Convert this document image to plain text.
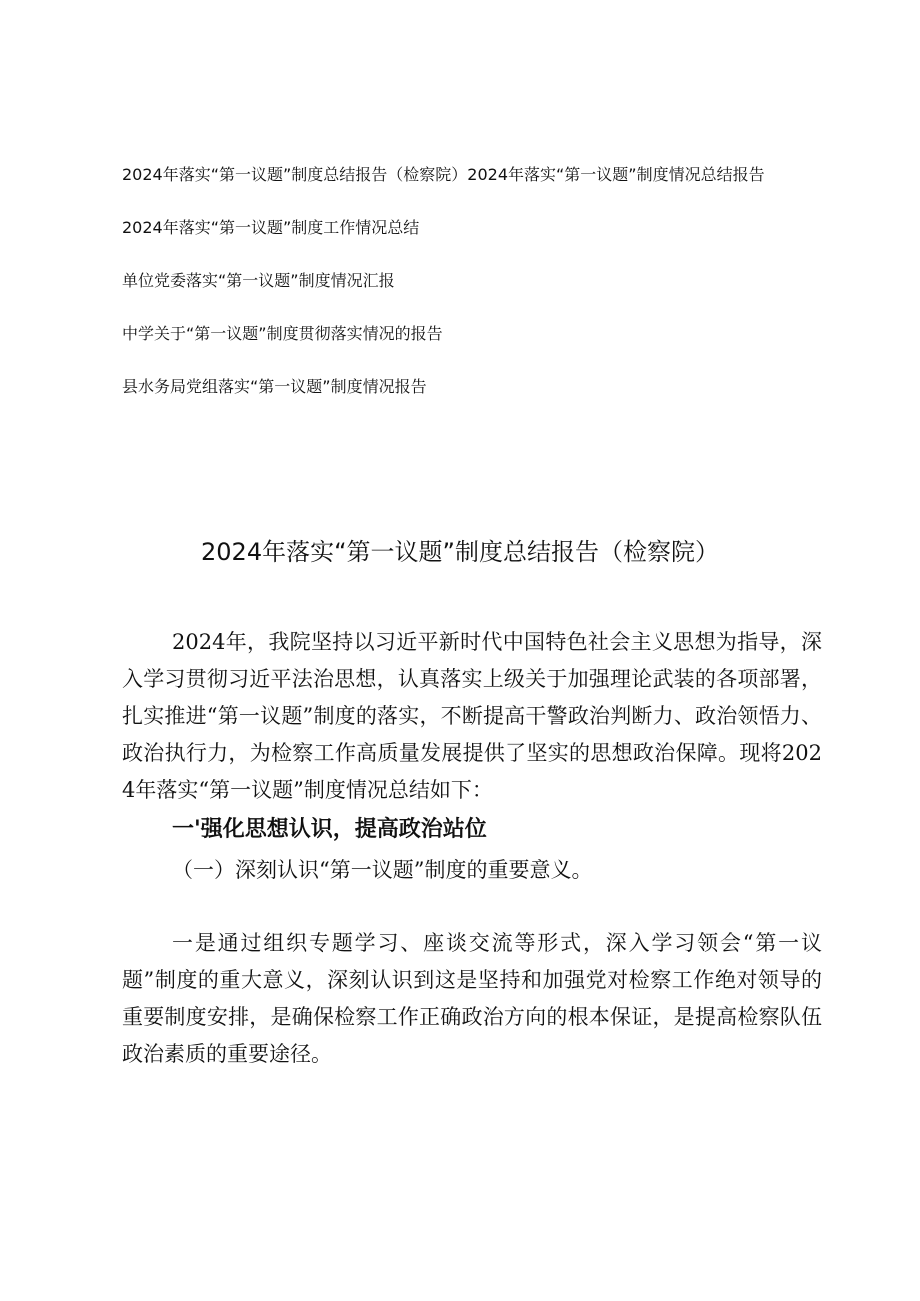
2024年落实“第一议题”制度总结报告（检察院）2024年落实“第一议题”制度情况总结报告
2024年落实“第一议题”制度工作情况总结
单位党委落实“第一议题”制度情况汇报
中学关于“第一议题”制度贯彻落实情况的报告
县水务局党组落实“第一议题”制度情况报告
2024年落实“第一议题”制度总结报告（检察院）
2024年，我院坚持以习近平新时代中国特色社会主义思想为指导，深入学习贯彻习近平法治思想，认真落实上级关于加强理论武装的各项部署，扎实推进“第一议题”制度的落实，不断提高干警政治判断力、政治领悟力、政治执行力，为检察工作高质量发展提供了坚实的思想政治保障。现将2024年落实“第一议题”制度情况总结如下：
一'强化思想认识，提高政治站位
（一）深刻认识“第一议题”制度的重要意义。
一是通过组织专题学习、座谈交流等形式，深入学习领会“第一议题”制度的重大意义，深刻认识到这是坚持和加强党对检察工作绝对领导的重要制度安排，是确保检察工作正确政治方向的根本保证，是提高检察队伍政治素质的重要途径。
